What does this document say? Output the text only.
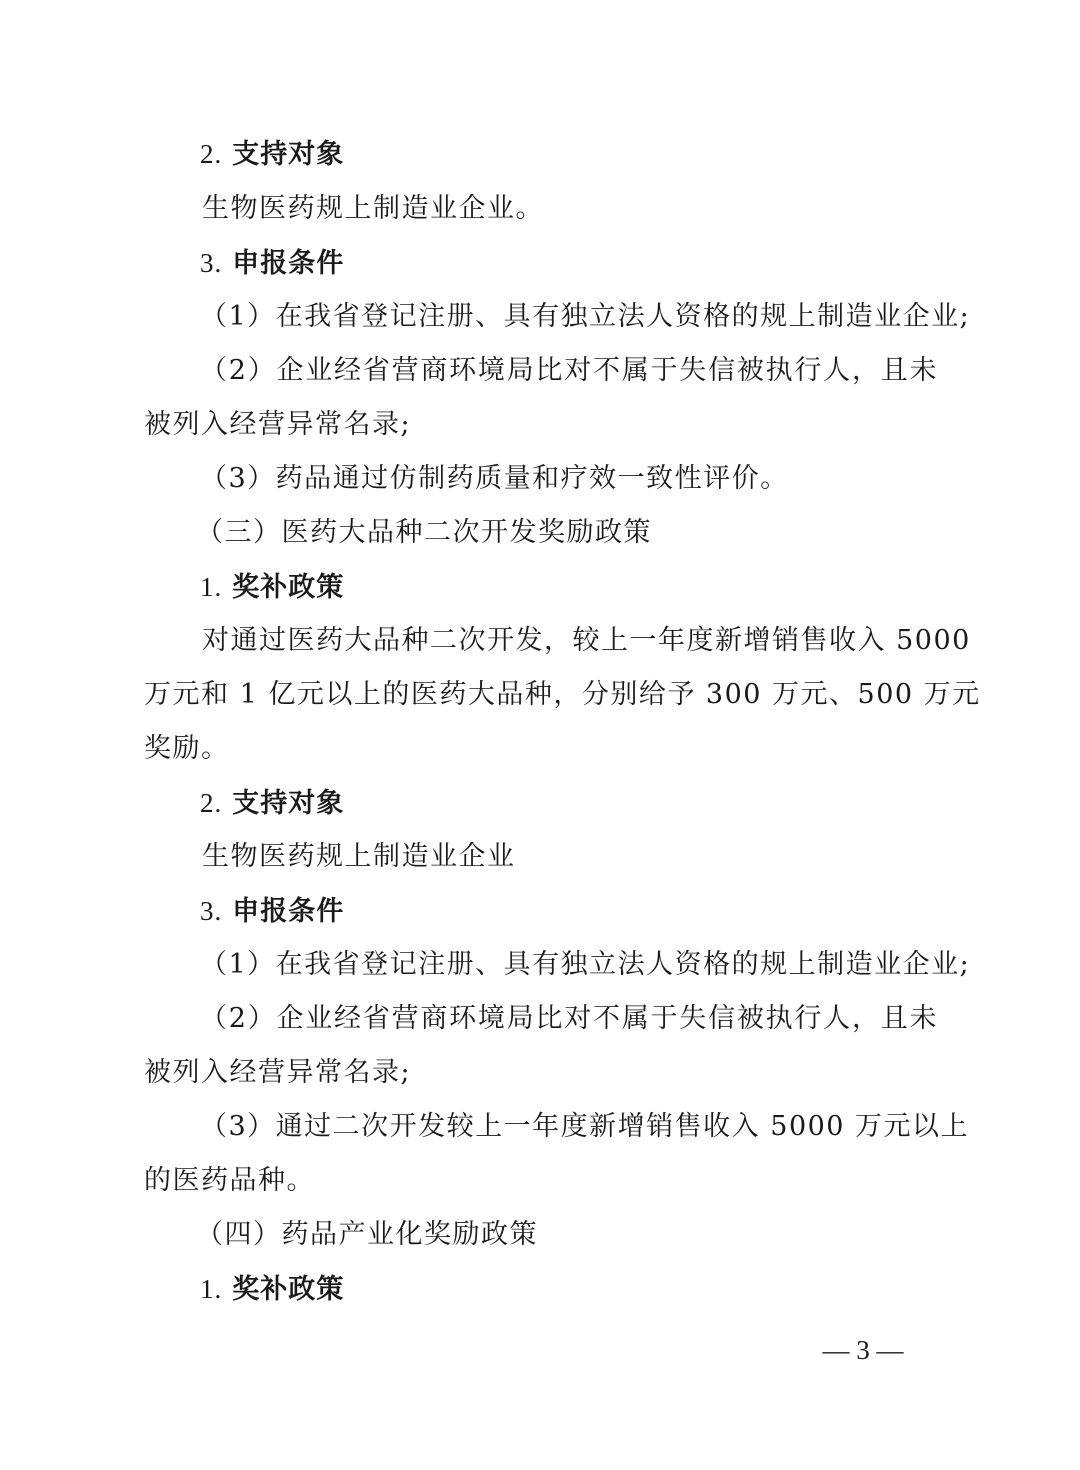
2. 支持对象
生物医药规上制造业企业。
3. 申报条件
（1）在我省登记注册、具有独立法人资格的规上制造业企业;
（2）企业经省营商环境局比对不属于失信被执行人，且未
被列入经营异常名录;
（3）药品通过仿制药质量和疗效一致性评价。
（三）医药大品种二次开发奖励政策
1. 奖补政策
对通过医药大品种二次开发，较上一年度新增销售收入 5000
万元和 1 亿元以上的医药大品种，分别给予 300 万元、500 万元
奖励。
2. 支持对象
生物医药规上制造业企业
3. 申报条件
（1）在我省登记注册、具有独立法人资格的规上制造业企业;
（2）企业经省营商环境局比对不属于失信被执行人，且未
被列入经营异常名录;
（3）通过二次开发较上一年度新增销售收入 5000 万元以上
的医药品种。
（四）药品产业化奖励政策
1. 奖补政策
— 3 —
